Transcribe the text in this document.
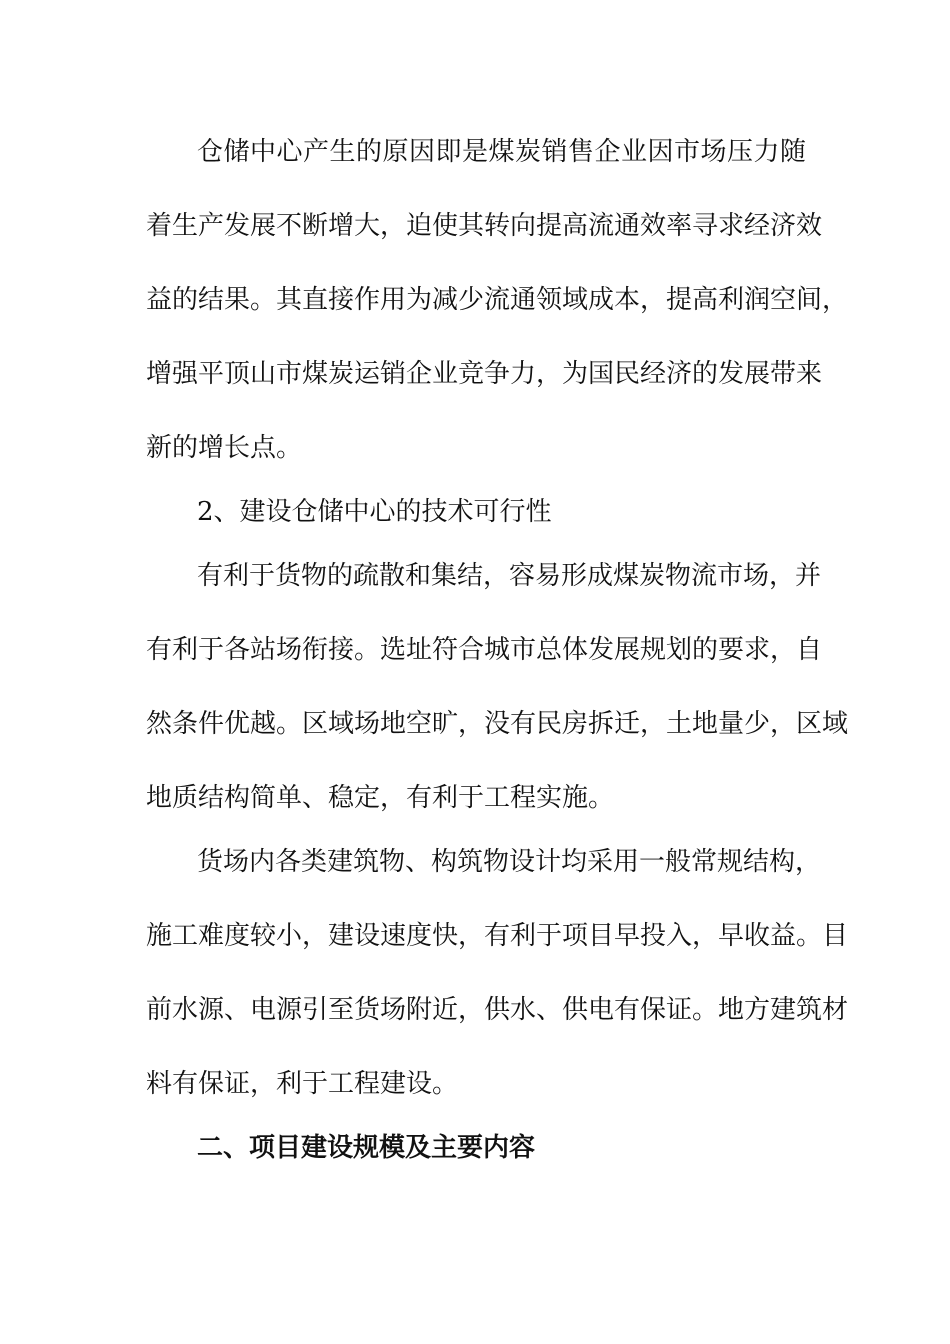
仓储中心产生的原因即是煤炭销售企业因市场压力随
着生产发展不断增大，迫使其转向提高流通效率寻求经济效
益的结果。其直接作用为减少流通领域成本，提高利润空间，
增强平顶山市煤炭运销企业竞争力，为国民经济的发展带来
新的增长点。
2、建设仓储中心的技术可行性
有利于货物的疏散和集结，容易形成煤炭物流市场，并
有利于各站场衔接。选址符合城市总体发展规划的要求，自
然条件优越。区域场地空旷，没有民房拆迁，土地量少，区域
地质结构简单、稳定，有利于工程实施。
货场内各类建筑物、构筑物设计均采用一般常规结构，
施工难度较小，建设速度快，有利于项目早投入，早收益。目
前水源、电源引至货场附近，供水、供电有保证。地方建筑材
料有保证，利于工程建设。
二、项目建设规模及主要内容
